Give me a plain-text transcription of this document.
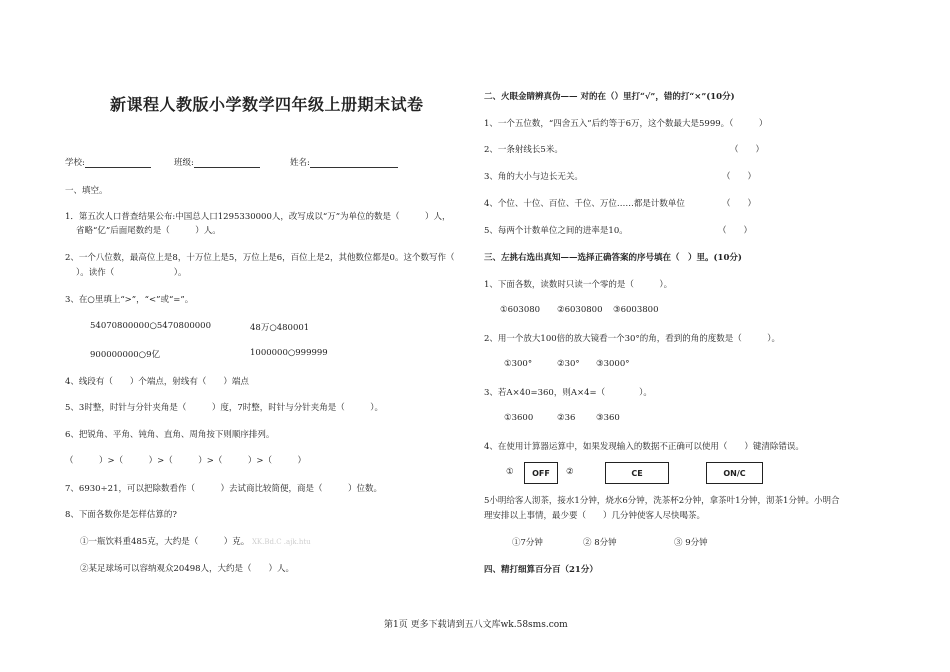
新课程人教版小学数学四年级上册期末试卷
学校:	班级:	姓名:
一、填空。
1．第五次人口普查结果公布:中国总人口1295330000人，改写成以“万”为单位的数是（　　　）人，
省略“亿”后面尾数约是（　　　）人。
2、一个八位数，最高位上是8，十万位上是5，万位上是6，百位上是2，其他数位都是0。这个数写作（
）。读作（　　　　　　　）。
3、在○里填上“>”，“<”或“=”。
54070800000○5470800000	48万○480001
900000000○9亿	1000000○999999
4、线段有（　　）个端点，射线有（　　）端点
5、3时整，时针与分针夹角是（　　　）度，7时整，时针与分针夹角是（　　　）。
6、把锐角、平角、钝角、直角、周角按下则顺序排列。
（　　　）>（　　　）>（　　　）>（　　　）>（　　　）
7、6930÷21，可以把除数看作（　　　）去试商比较简便，商是（　　　）位数。
8、下面各数你是怎样估算的?
①一瓶饮料重485克，大约是（　　　）克。 XK.Bd.C .ajk.htu
②某足球场可以容纳观众20498人，大约是（　　）人。
二、火眼金睛辨真伪—— 对的在（）里打“√”，错的打“×”(10分)
1、一个五位数，“四舍五入”后约等于6万，这个数最大是5999。（　　　）
2、一条射线长5米。	（　　）
3、角的大小与边长无关。	（　　）
4、个位、十位、百位、千位、万位……都是计数单位	（　　）
5、每两个计数单位之间的进率是10。	（　　）
三、左挑右选出真知——选择正确答案的序号填在（　）里。(10分)
1、下面各数，读数时只读一个零的是（　　　）。
①603080 ②6030800 ③6003800
2、用一个放大100倍的放大镜看一个30°的角，看到的角的度数是（　　　）。
①300°	②30° ③3000°
3、若A×40=360，则A×4=（　　　　）。
①3600	②36 ③360
4、在使用计算器运算中，如果发现输入的数据不正确可以使用（　　）键清除错误。
①	OFF	②	CE	ON/C
5小明给客人沏茶，接水1分钟，烧水6分钟，洗茶杯2分钟，拿茶叶1分钟，沏茶1分钟。小明合
理安排以上事情，最少要（　　）几分钟使客人尽快喝茶。
①7分钟	② 8分钟	③ 9分钟
四、精打细算百分百（21分）
第1页 更多下载请到五八文库wk.58sms.com
